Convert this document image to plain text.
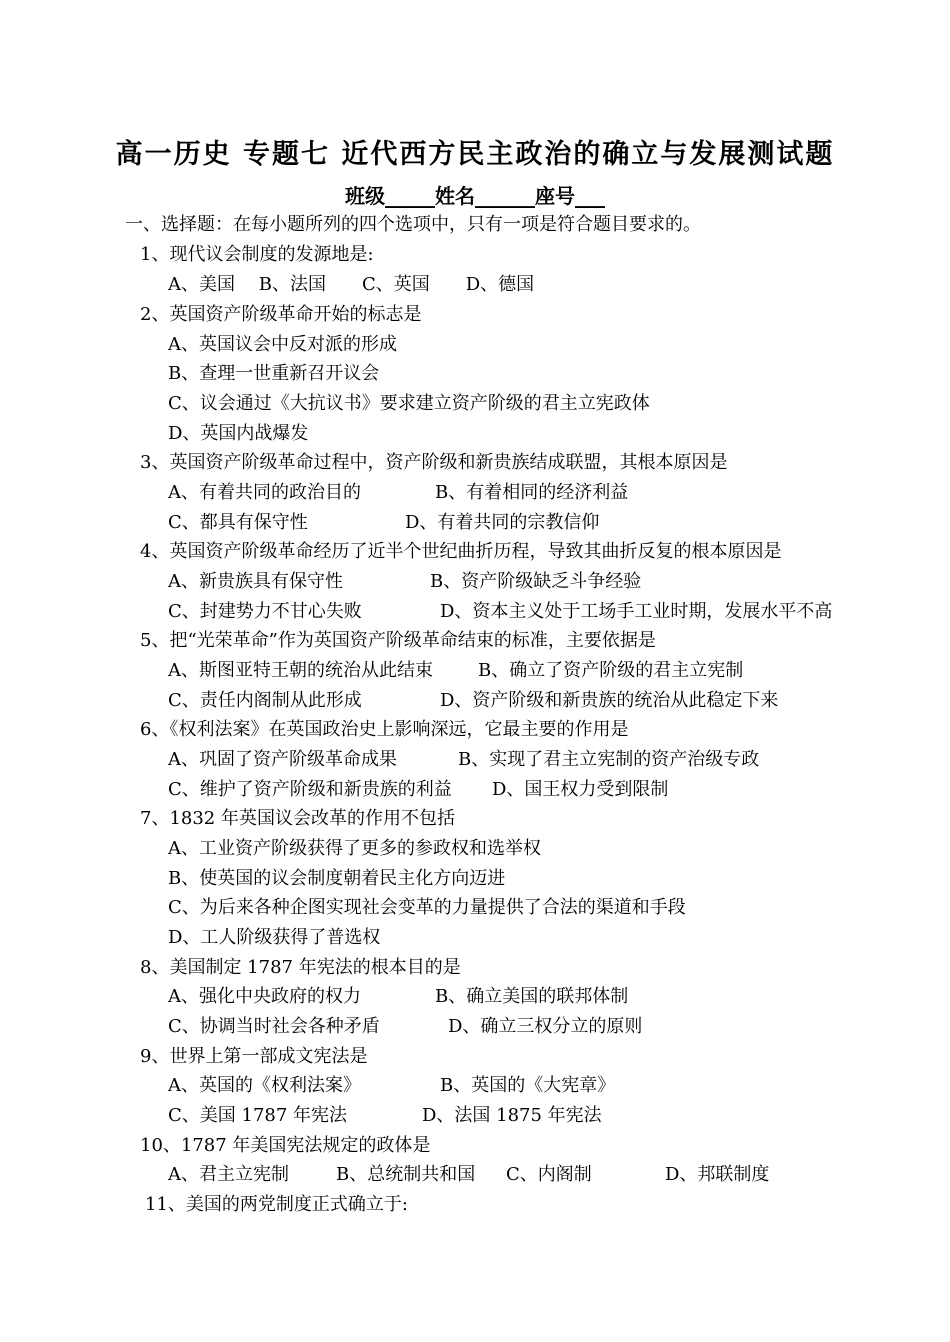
高一历史 专题七 近代西方民主政治的确立与发展测试题
班级_____姓名______座号___
一、选择题：在每小题所列的四个选项中，只有一项是符合题目要求的。
1、现代议会制度的发源地是:
A、美国　 B、法国　　C、英国　　D、德国
2、英国资产阶级革命开始的标志是
A、英国议会中反对派的形成
B、查理一世重新召开议会
C、议会通过《大抗议书》要求建立资产阶级的君主立宪政体
D、英国内战爆发
3、英国资产阶级革命过程中，资产阶级和新贵族结成联盟，其根本原因是
A、有着共同的政治目的	B、有着相同的经济利益
C、都具有保守性	D、有着共同的宗教信仰
4、英国资产阶级革命经历了近半个世纪曲折历程，导致其曲折反复的根本原因是
A、新贵族具有保守性	B、资产阶级缺乏斗争经验
C、封建势力不甘心失败	D、资本主义处于工场手工业时期，发展水平不高
5、把“光荣革命”作为英国资产阶级革命结束的标准，主要依据是
A、斯图亚特王朝的统治从此结束	B、确立了资产阶级的君主立宪制
C、责任内阁制从此形成	D、资产阶级和新贵族的统治从此稳定下来
6、《权利法案》在英国政治史上影响深远，它最主要的作用是
A、巩固了资产阶级革命成果	B、实现了君主立宪制的资产治级专政
C、维护了资产阶级和新贵族的利益 D、国王权力受到限制
7、1832 年英国议会改革的作用不包括
A、工业资产阶级获得了更多的参政权和选举权
B、使英国的议会制度朝着民主化方向迈进
C、为后来各种企图实现社会变革的力量提供了合法的渠道和手段
D、工人阶级获得了普选权
8、美国制定 1787 年宪法的根本目的是
A、强化中央政府的权力	B、确立美国的联邦体制
C、协调当时社会各种矛盾	D、确立三权分立的原则
9、世界上第一部成文宪法是
A、英国的《权利法案》	B、英国的《大宪章》
C、美国 1787 年宪法	D、法国 1875 年宪法
10、1787 年美国宪法规定的政体是
A、君主立宪制	B、总统制共和国 C、内阁制	D、邦联制度
11、美国的两党制度正式确立于:
